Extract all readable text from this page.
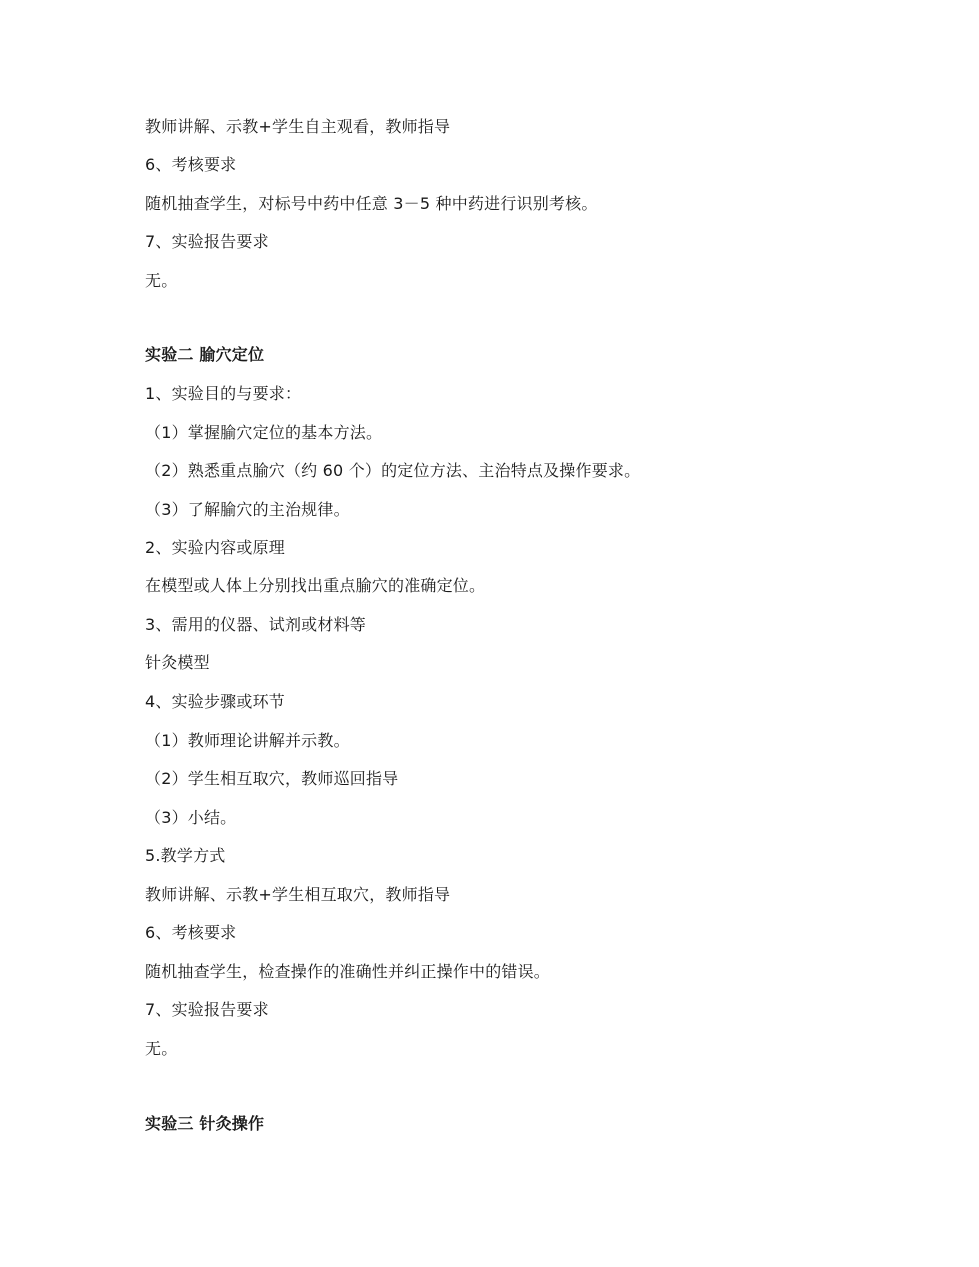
教师讲解、示教+学生自主观看，教师指导
6、考核要求
随机抽查学生，对标号中药中任意 3－5 种中药进行识别考核。
7、实验报告要求
无。
实验二 腧穴定位
1、实验目的与要求：
（1）掌握腧穴定位的基本方法。
（2）熟悉重点腧穴（约 60 个）的定位方法、主治特点及操作要求。
（3）了解腧穴的主治规律。
2、实验内容或原理
在模型或人体上分别找出重点腧穴的准确定位。
3、需用的仪器、试剂或材料等
针灸模型
4、实验步骤或环节
（1）教师理论讲解并示教。
（2）学生相互取穴，教师巡回指导
（3）小结。
5.教学方式
教师讲解、示教+学生相互取穴，教师指导
6、考核要求
随机抽查学生，检查操作的准确性并纠正操作中的错误。
7、实验报告要求
无。
实验三 针灸操作
